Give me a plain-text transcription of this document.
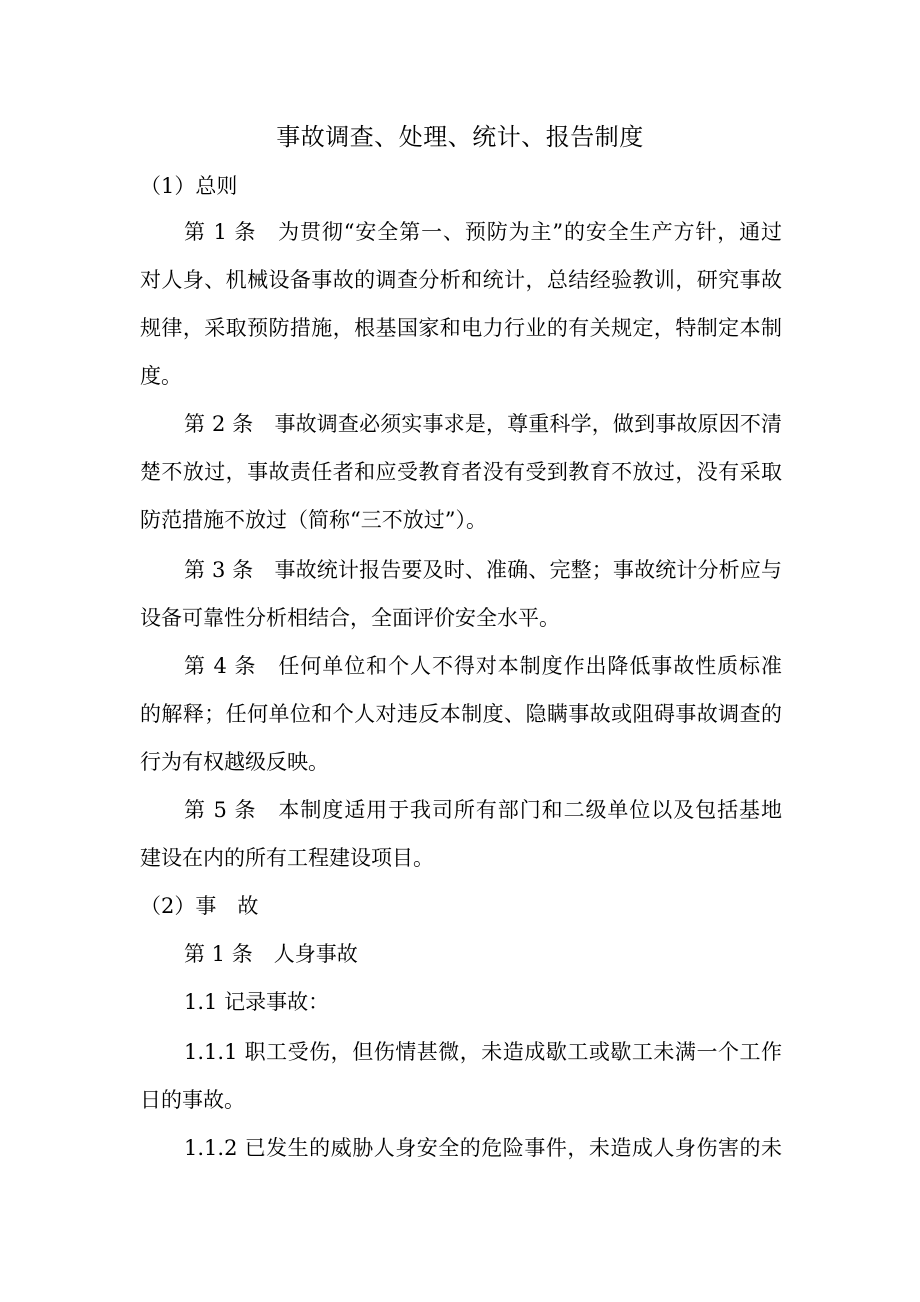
事故调查、处理、统计、报告制度
（1）总则
第 1 条　为贯彻“安全第一、预防为主”的安全生产方针，通过
对人身、机械设备事故的调查分析和统计，总结经验教训，研究事故
规律，采取预防措施，根基国家和电力行业的有关规定，特制定本制
度。
第 2 条　事故调查必须实事求是，尊重科学，做到事故原因不清
楚不放过，事故责任者和应受教育者没有受到教育不放过，没有采取
防范措施不放过（简称“三不放过”）。
第 3 条　事故统计报告要及时、准确、完整；事故统计分析应与
设备可靠性分析相结合，全面评价安全水平。
第 4 条　任何单位和个人不得对本制度作出降低事故性质标准
的解释；任何单位和个人对违反本制度、隐瞒事故或阻碍事故调查的
行为有权越级反映。
第 5 条　本制度适用于我司所有部门和二级单位以及包括基地
建设在内的所有工程建设项目。
（2）事　故
第 1 条　人身事故
1.1 记录事故：
1.1.1 职工受伤，但伤情甚微，未造成歇工或歇工未满一个工作
日的事故。
1.1.2 已发生的威胁人身安全的危险事件，未造成人身伤害的未
